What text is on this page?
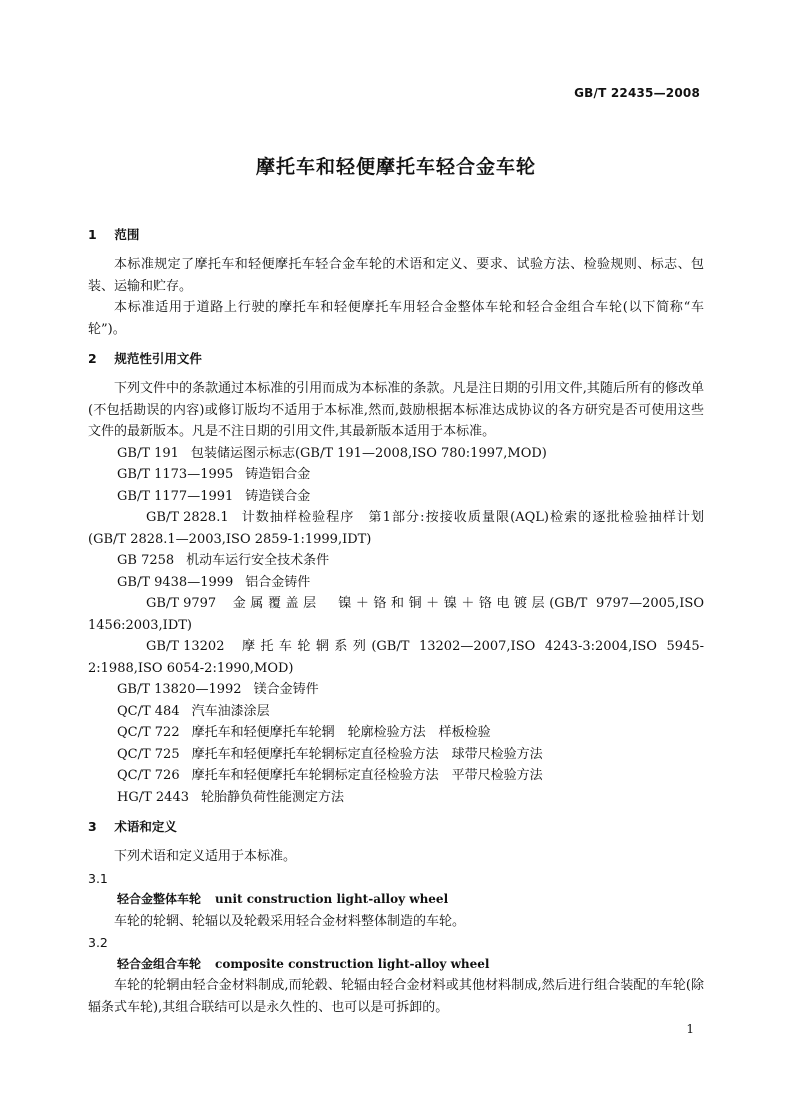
GB/T 22435—2008
摩托车和轻便摩托车轻合金车轮
1 范围

本标准规定了摩托车和轻便摩托车轻合金车轮的术语和定义、要求、试验方法、检验规则、标志、包装、运输和贮存。

本标准适用于道路上行驶的摩托车和轻便摩托车用轻合金整体车轮和轻合金组合车轮(以下简称“车轮”)。

2 规范性引用文件

下列文件中的条款通过本标准的引用而成为本标准的条款。凡是注日期的引用文件,其随后所有的修改单(不包括勘误的内容)或修订版均不适用于本标准,然而,鼓励根据本标准达成协议的各方研究是否可使用这些文件的最新版本。凡是不注日期的引用文件,其最新版本适用于本标准。

GB/T 191 包装储运图示标志(GB/T 191—2008,ISO 780:1997,MOD)

GB/T 1173—1995 铸造铝合金

GB/T 1177—1991 铸造镁合金

GB/T 2828.1 计数抽样检验程序　第1部分:按接收质量限(AQL)检索的逐批检验抽样计划(GB/T 2828.1—2003,ISO 2859-1:1999,IDT)

GB 7258 机动车运行安全技术条件

GB/T 9438—1999 铝合金铸件

GB/T 9797 金属覆盖层　镍＋铬和铜＋镍＋铬电镀层(GB/T 9797—2005,ISO 1456:2003,IDT)

GB/T 13202 摩托车轮辋系列(GB/T 13202—2007,ISO 4243-3:2004,ISO 5945-2:1988,ISO 6054-2:1990,MOD)

GB/T 13820—1992 镁合金铸件

QC/T 484 汽车油漆涂层

QC/T 722 摩托车和轻便摩托车轮辋　轮廓检验方法　样板检验

QC/T 725 摩托车和轻便摩托车轮辋标定直径检验方法　球带尺检验方法

QC/T 726 摩托车和轻便摩托车轮辋标定直径检验方法　平带尺检验方法

HG/T 2443 轮胎静负荷性能测定方法

3 术语和定义

下列术语和定义适用于本标准。

3.1

轻合金整体车轮 unit construction light-alloy wheel

车轮的轮辋、轮辐以及轮毂采用轻合金材料整体制造的车轮。

3.2

轻合金组合车轮 composite construction light-alloy wheel

车轮的轮辋由轻合金材料制成,而轮毂、轮辐由轻合金材料或其他材料制成,然后进行组合装配的车轮(除辐条式车轮),其组合联结可以是永久性的、也可以是可拆卸的。

1
